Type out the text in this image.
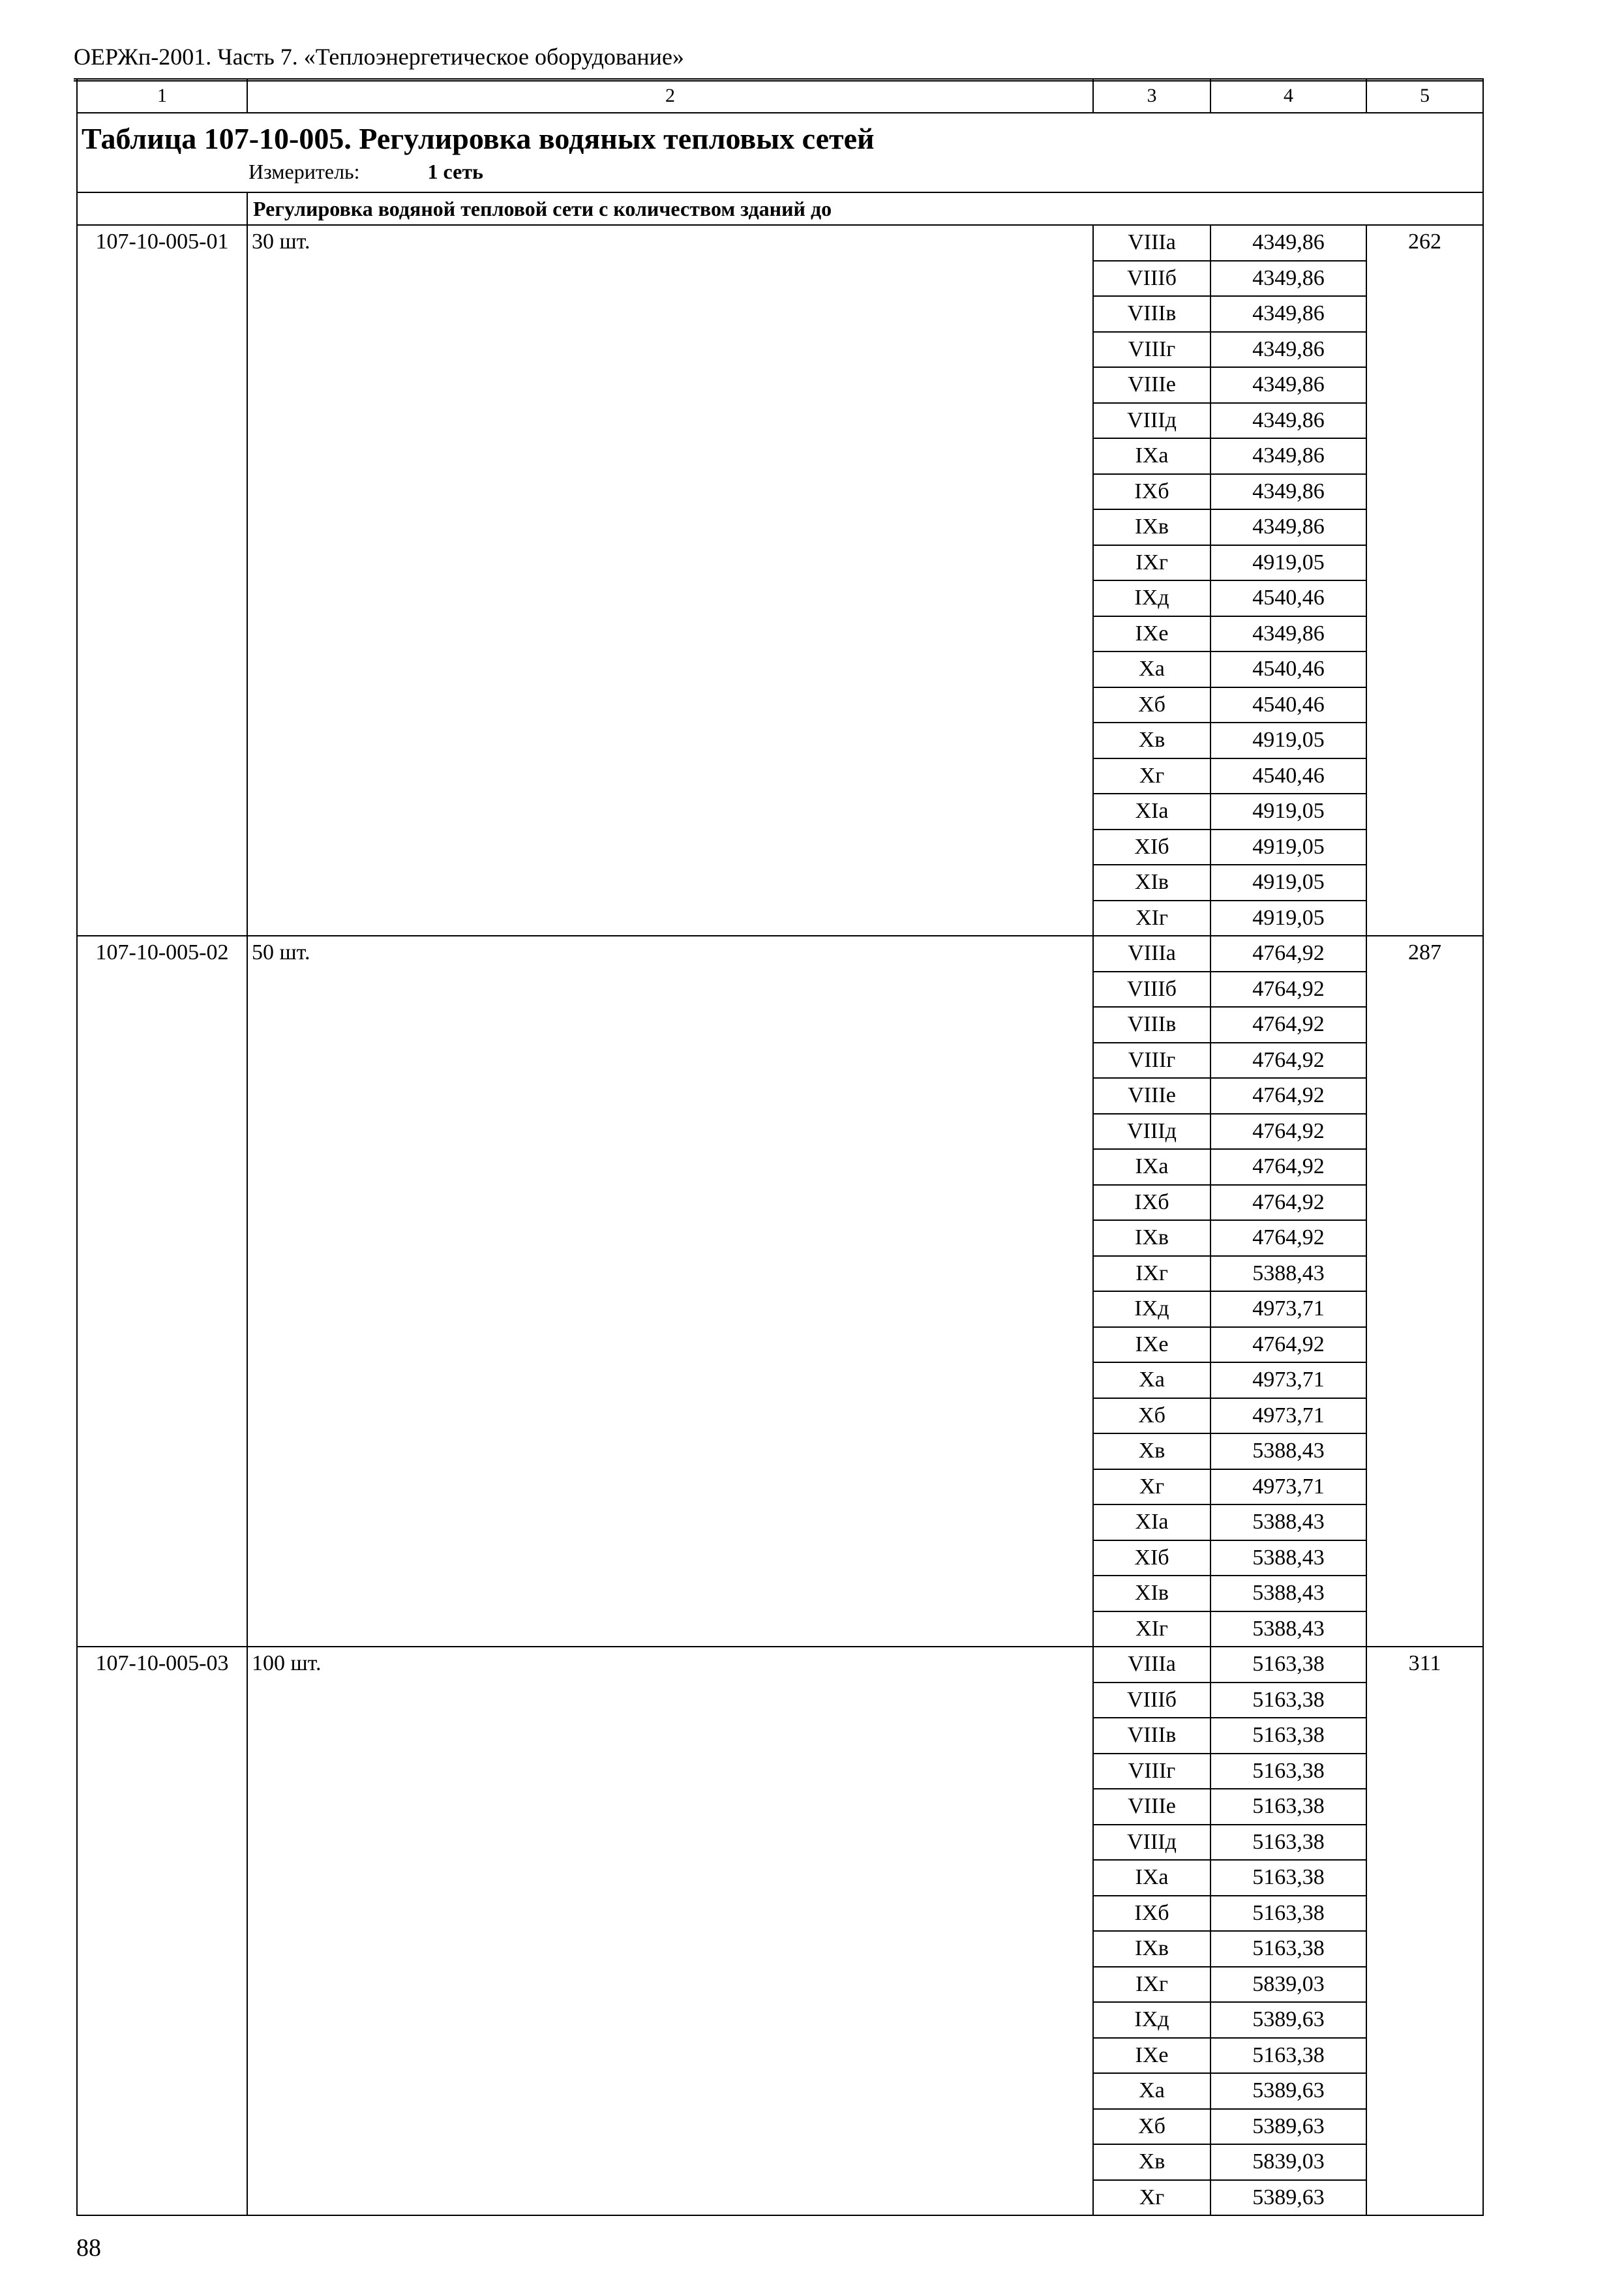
ОЕРЖп-2001. Часть 7. «Теплоэнергетическое оборудование»
1	2	3	4	5

Таблица 107-10-005. Регулировка водяных тепловых сетей
Измеритель: 1 сеть				

	Регулировка водяной тепловой сети с количеством зданий до			
107-10-005-01	30 шт.	VIIIа	4349,86	262
		VIIIб	4349,86	
		VIIIв	4349,86	
		VIIIг	4349,86	
		VIIIе	4349,86	
		VIIIд	4349,86	
		IXа	4349,86	
		IXб	4349,86	
		IXв	4349,86	
		IXг	4919,05	
		IXд	4540,46	
		IXе	4349,86	
		Xа	4540,46	
		Xб	4540,46	
		Xв	4919,05	
		Xг	4540,46	
		XIа	4919,05	
		XIб	4919,05	
		XIв	4919,05	
		XIг	4919,05	
107-10-005-02	50 шт.	VIIIа	4764,92	287
		VIIIб	4764,92	
		VIIIв	4764,92	
		VIIIг	4764,92	
		VIIIе	4764,92	
		VIIIд	4764,92	
		IXа	4764,92	
		IXб	4764,92	
		IXв	4764,92	
		IXг	5388,43	
		IXд	4973,71	
		IXе	4764,92	
		Xа	4973,71	
		Xб	4973,71	
		Xв	5388,43	
		Xг	4973,71	
		XIа	5388,43	
		XIб	5388,43	
		XIв	5388,43	
		XIг	5388,43	
107-10-005-03	100 шт.	VIIIа	5163,38	311
		VIIIб	5163,38	
		VIIIв	5163,38	
		VIIIг	5163,38	
		VIIIе	5163,38	
		VIIIд	5163,38	
		IXа	5163,38	
		IXб	5163,38	
		IXв	5163,38	
		IXг	5839,03	
		IXд	5389,63	
		IXе	5163,38	
		Xа	5389,63	
		Xб	5389,63	
		Xв	5839,03	
		Xг	5389,63	
88
